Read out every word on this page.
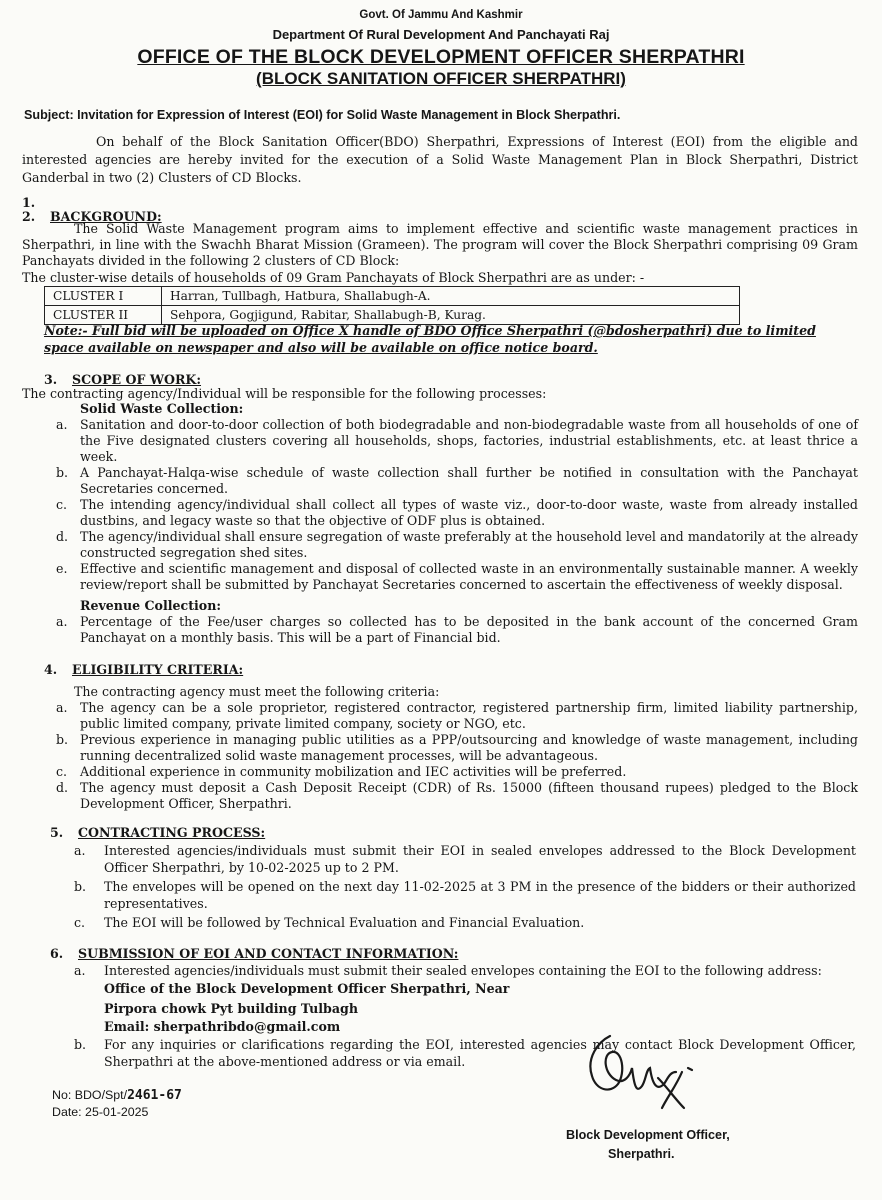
Govt. Of Jammu And Kashmir
Department Of Rural Development And Panchayati Raj
OFFICE OF THE BLOCK DEVELOPMENT OFFICER SHERPATHRI
(BLOCK SANITATION OFFICER SHERPATHRI)
Subject: Invitation for Expression of Interest (EOI) for Solid Waste Management in Block Sherpathri.
On behalf of the Block Sanitation Officer(BDO) Sherpathri, Expressions of Interest (EOI) from the eligible and interested agencies are hereby invited for the execution of a Solid Waste Management Plan in Block Sherpathri, District Ganderbal in two (2) Clusters of CD Blocks.
1.
2. BACKGROUND:
The Solid Waste Management program aims to implement effective and scientific waste management practices in Sherpathri, in line with the Swachh Bharat Mission (Grameen). The program will cover the Block Sherpathri comprising 09 Gram Panchayats divided in the following 2 clusters of CD Block:
The cluster-wise details of households of 09 Gram Panchayats of Block Sherpathri are as under: -
CLUSTER I	Harran, Tullbagh, Hatbura, Shallabugh-A.
CLUSTER II	Sehpora, Gogjigund, Rabitar, Shallabugh-B, Kurag.
Note:- Full bid will be uploaded on Office X handle of BDO Office Sherpathri (@bdosherpathri) due to limited space available on newspaper and also will be available on office notice board.
3. SCOPE OF WORK:
The contracting agency/Individual will be responsible for the following processes:
Solid Waste Collection:
a. Sanitation and door-to-door collection of both biodegradable and non-biodegradable waste from all households of one of the Five designated clusters covering all households, shops, factories, industrial establishments, etc. at least thrice a week.
b. A Panchayat-Halqa-wise schedule of waste collection shall further be notified in consultation with the Panchayat Secretaries concerned.
c. The intending agency/individual shall collect all types of waste viz., door-to-door waste, waste from already installed dustbins, and legacy waste so that the objective of ODF plus is obtained.
d. The agency/individual shall ensure segregation of waste preferably at the household level and mandatorily at the already constructed segregation shed sites.
e. Effective and scientific management and disposal of collected waste in an environmentally sustainable manner. A weekly review/report shall be submitted by Panchayat Secretaries concerned to ascertain the effectiveness of weekly disposal.
Revenue Collection:
a. Percentage of the Fee/user charges so collected has to be deposited in the bank account of the concerned Gram Panchayat on a monthly basis. This will be a part of Financial bid.
4. ELIGIBILITY CRITERIA:
The contracting agency must meet the following criteria:
a. The agency can be a sole proprietor, registered contractor, registered partnership firm, limited liability partnership, public limited company, private limited company, society or NGO, etc.
b. Previous experience in managing public utilities as a PPP/outsourcing and knowledge of waste management, including running decentralized solid waste management processes, will be advantageous.
c. Additional experience in community mobilization and IEC activities will be preferred.
d. The agency must deposit a Cash Deposit Receipt (CDR) of Rs. 15000 (fifteen thousand rupees) pledged to the Block Development Officer, Sherpathri.
5. CONTRACTING PROCESS:
a. Interested agencies/individuals must submit their EOI in sealed envelopes addressed to the Block Development Officer Sherpathri, by 10-02-2025 up to 2 PM.
b. The envelopes will be opened on the next day 11-02-2025 at 3 PM in the presence of the bidders or their authorized representatives.
c. The EOI will be followed by Technical Evaluation and Financial Evaluation.
6. SUBMISSION OF EOI AND CONTACT INFORMATION:
a. Interested agencies/individuals must submit their sealed envelopes containing the EOI to the following address:
Office of the Block Development Officer Sherpathri, Near
Pirpora chowk Pyt building Tulbagh
Email: sherpathribdo@gmail.com
b. For any inquiries or clarifications regarding the EOI, interested agencies may contact Block Development Officer, Sherpathri at the above-mentioned address or via email.
No: BDO/Spt/2461-67
Date: 25-01-2025
Block Development Officer,
Sherpathri.
